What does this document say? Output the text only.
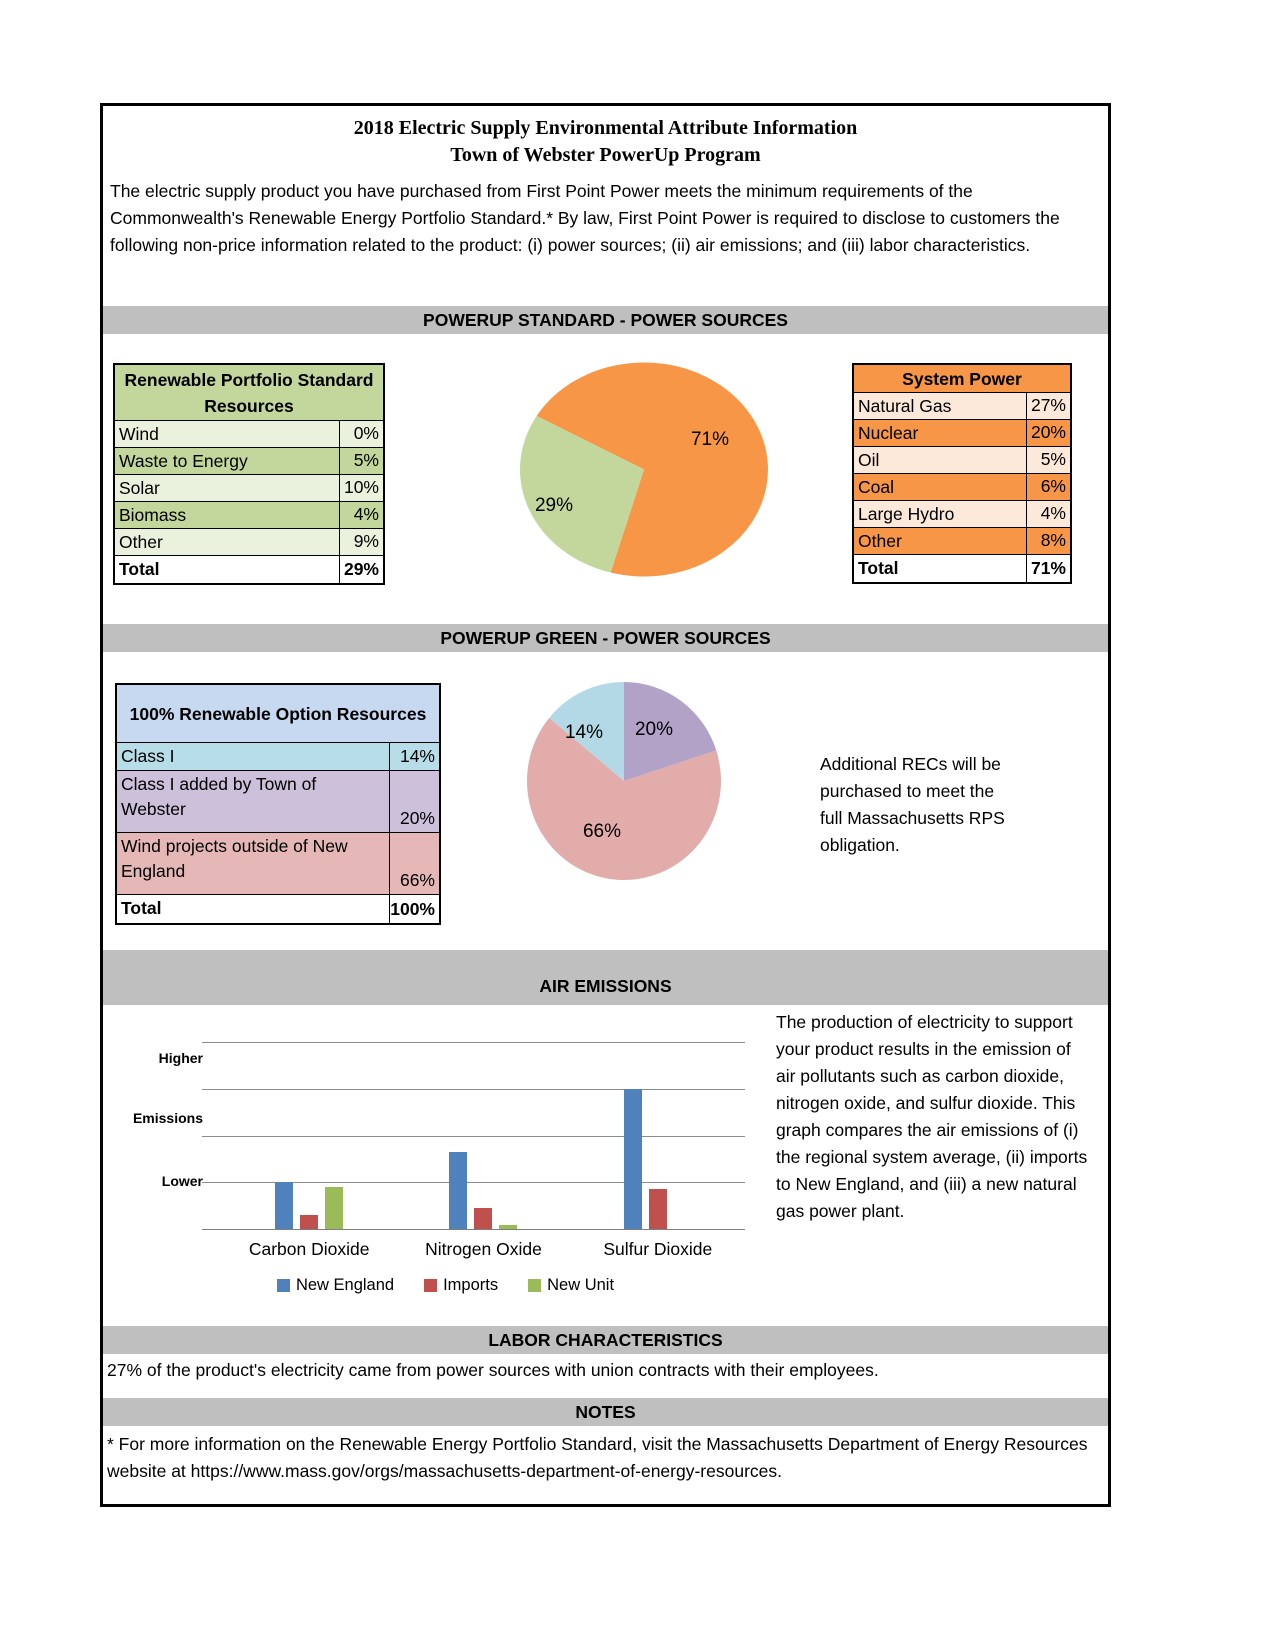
2018 Electric Supply Environmental Attribute Information
Town of Webster PowerUp Program
The electric supply product you have purchased from First Point Power meets the minimum requirements of the Commonwealth's Renewable Energy Portfolio Standard.* By law, First Point Power is required to disclose to customers the following non-price information related to the product: (i) power sources; (ii) air emissions; and (iii) labor characteristics.
POWERUP STANDARD - POWER SOURCES
Renewable Portfolio Standard Resources
Wind	0%
Waste to Energy	5%
Solar	10%
Biomass	4%
Other	9%
Total	29%
71%
29%
System Power
Natural Gas	27%
Nuclear	20%
Oil	5%
Coal	6%
Large Hydro	4%
Other	8%
Total	71%
POWERUP GREEN - POWER SOURCES
100% Renewable Option Resources
Class I	14%
Class I added by Town of Webster	20%
Wind projects outside of New England	66%
Total	100%
20%
66%
14%
Additional RECs will be purchased to meet the full Massachusetts RPS obligation.
AIR EMISSIONS
Higher
Emissions
Lower
Carbon Dioxide	Nitrogen Oxide	Sulfur Dioxide
New England	Imports	New Unit
The production of electricity to support your product results in the emission of air pollutants such as carbon dioxide, nitrogen oxide, and sulfur dioxide. This graph compares the air emissions of (i) the regional system average, (ii) imports to New England, and (iii) a new natural gas power plant.
LABOR CHARACTERISTICS
27% of the product's electricity came from power sources with union contracts with their employees.
NOTES
* For more information on the Renewable Energy Portfolio Standard, visit the Massachusetts Department of Energy Resources website at https://www.mass.gov/orgs/massachusetts-department-of-energy-resources.
